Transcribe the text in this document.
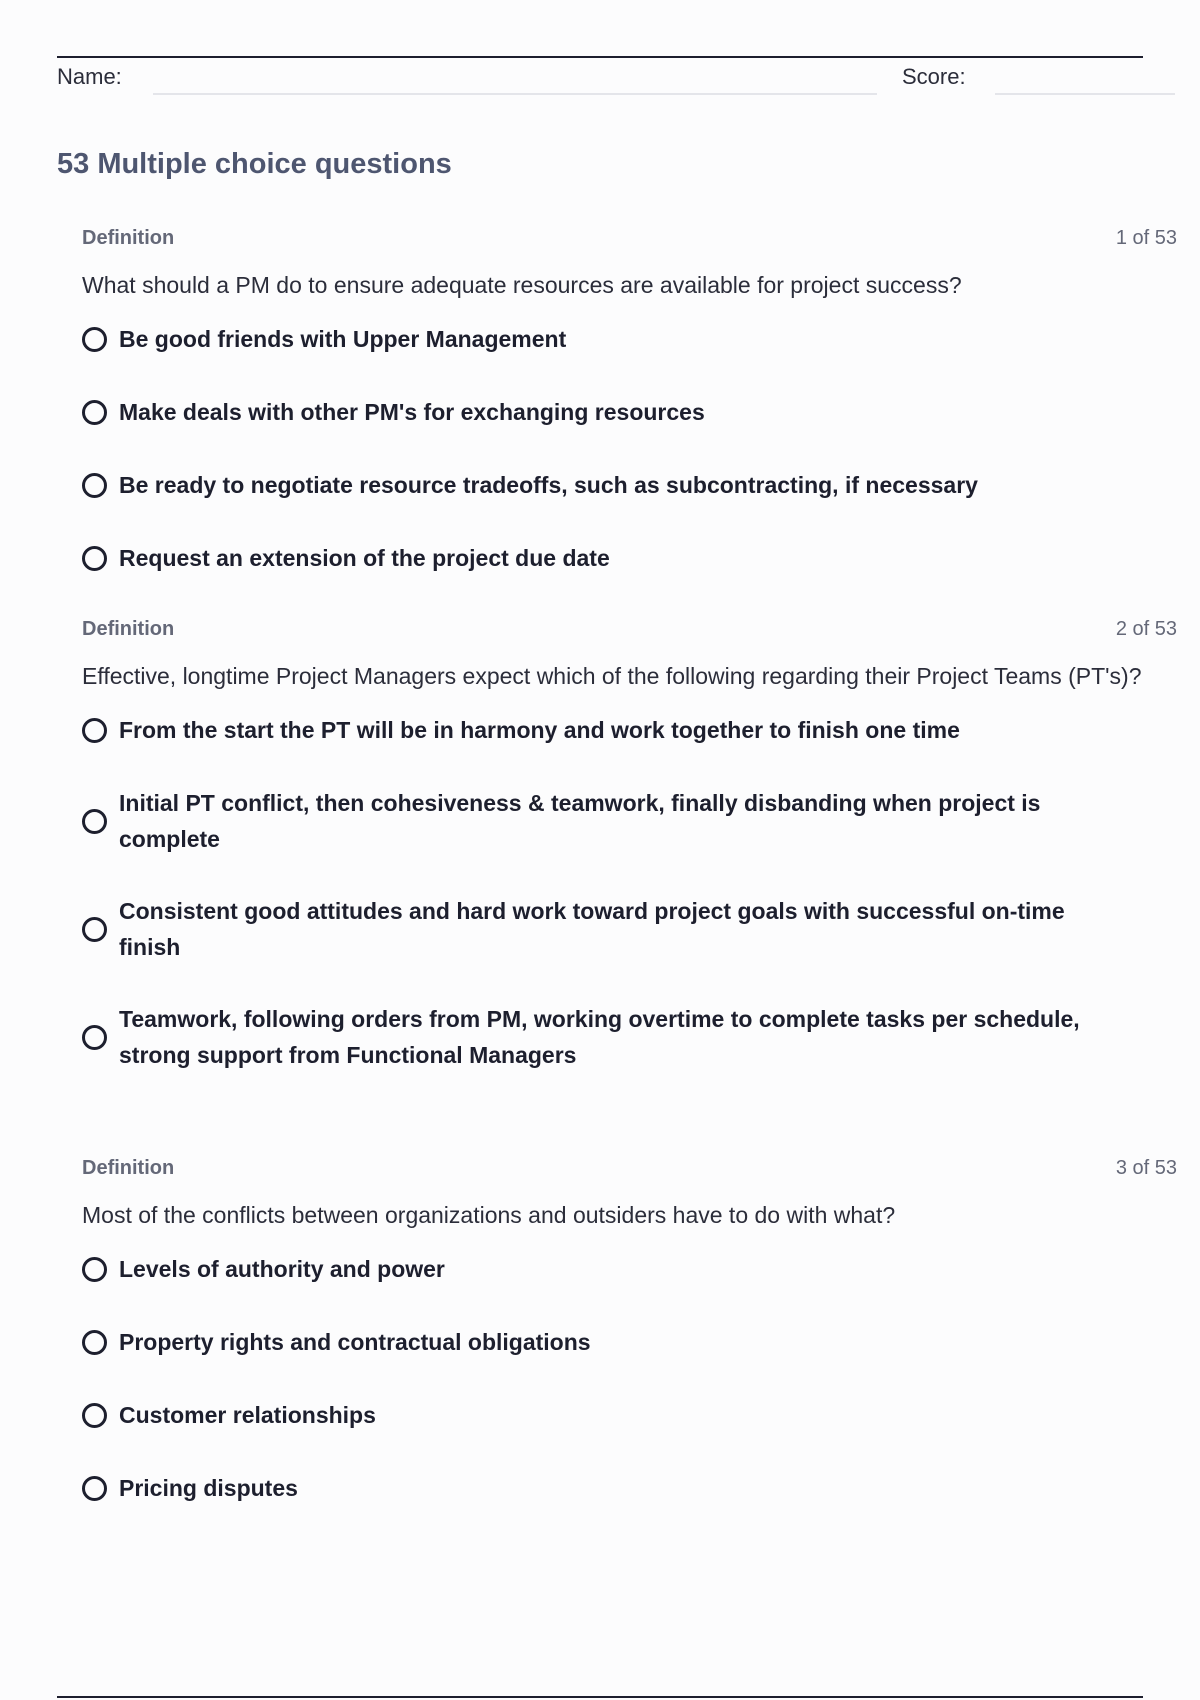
Name:	Score:
53 Multiple choice questions
Definition	1 of 53
What should a PM do to ensure adequate resources are available for project success?
Be good friends with Upper Management
Make deals with other PM's for exchanging resources
Be ready to negotiate resource tradeoffs, such as subcontracting, if necessary
Request an extension of the project due date
Definition	2 of 53
Effective, longtime Project Managers expect which of the following regarding their Project Teams (PT's)?
From the start the PT will be in harmony and work together to finish one time
Initial PT conflict, then cohesiveness & teamwork, finally disbanding when project is complete
Consistent good attitudes and hard work toward project goals with successful on-time finish
Teamwork, following orders from PM, working overtime to complete tasks per schedule, strong support from Functional Managers
Definition	3 of 53
Most of the conflicts between organizations and outsiders have to do with what?
Levels of authority and power
Property rights and contractual obligations
Customer relationships
Pricing disputes
